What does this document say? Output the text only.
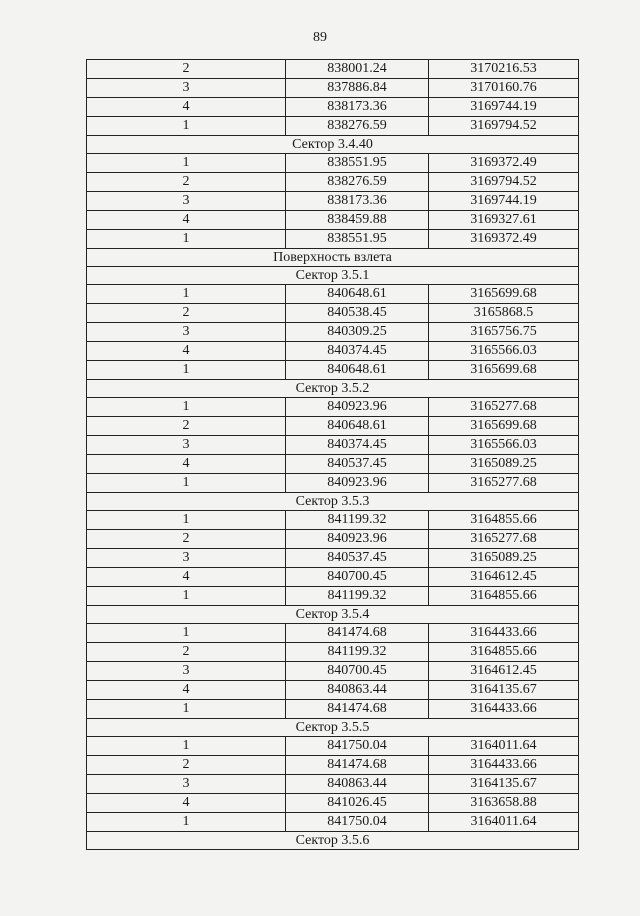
89
2	838001.24	3170216.53
3	837886.84	3170160.76
4	838173.36	3169744.19
1	838276.59	3169794.52
Сектор 3.4.40
1	838551.95	3169372.49
2	838276.59	3169794.52
3	838173.36	3169744.19
4	838459.88	3169327.61
1	838551.95	3169372.49
Поверхность взлета
Сектор 3.5.1
1	840648.61	3165699.68
2	840538.45	3165868.5
3	840309.25	3165756.75
4	840374.45	3165566.03
1	840648.61	3165699.68
Сектор 3.5.2
1	840923.96	3165277.68
2	840648.61	3165699.68
3	840374.45	3165566.03
4	840537.45	3165089.25
1	840923.96	3165277.68
Сектор 3.5.3
1	841199.32	3164855.66
2	840923.96	3165277.68
3	840537.45	3165089.25
4	840700.45	3164612.45
1	841199.32	3164855.66
Сектор 3.5.4
1	841474.68	3164433.66
2	841199.32	3164855.66
3	840700.45	3164612.45
4	840863.44	3164135.67
1	841474.68	3164433.66
Сектор 3.5.5
1	841750.04	3164011.64
2	841474.68	3164433.66
3	840863.44	3164135.67
4	841026.45	3163658.88
1	841750.04	3164011.64
Сектор 3.5.6
